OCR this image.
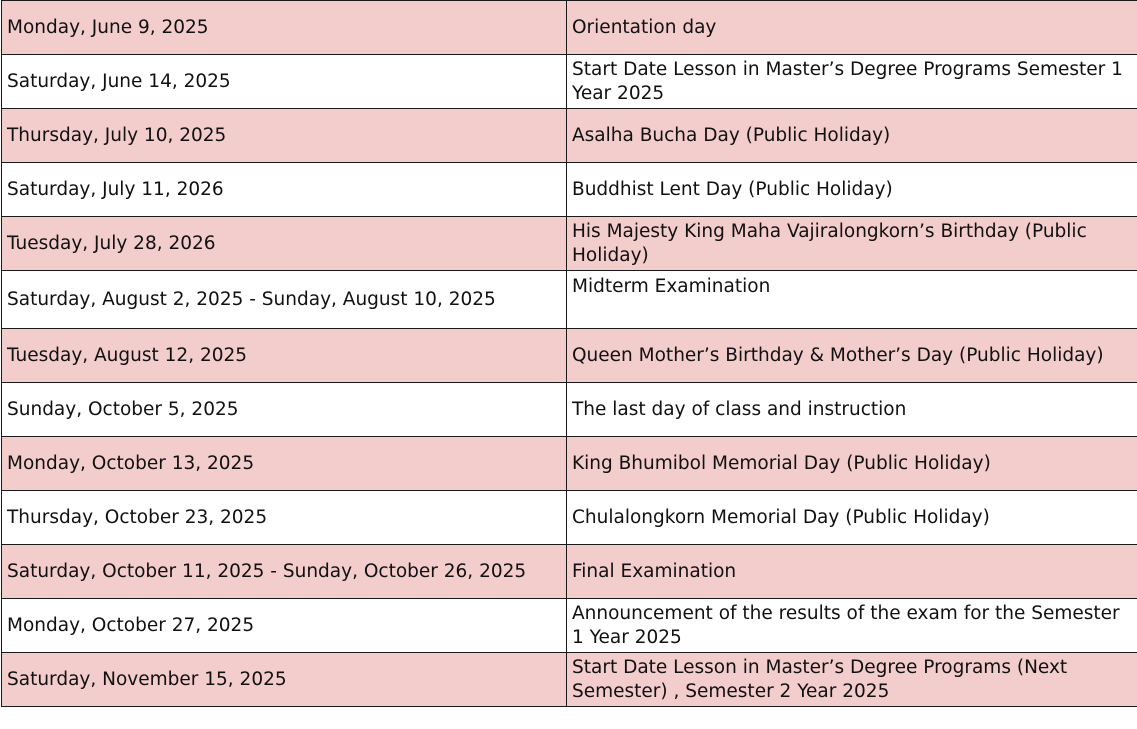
Monday, June 9, 2025	Orientation day
Saturday, June 14, 2025	Start Date Lesson in Master’s Degree Programs Semester 1 Year 2025
Thursday, July 10, 2025	Asalha Bucha Day (Public Holiday)
Saturday, July 11, 2026	Buddhist Lent Day (Public Holiday)
Tuesday, July 28, 2026	His Majesty King Maha Vajiralongkorn’s Birthday (Public Holiday)
Saturday, August 2, 2025 - Sunday, August 10, 2025	Midterm Examination
Tuesday, August 12, 2025	Queen Mother’s Birthday & Mother’s Day (Public Holiday)
Sunday, October 5, 2025	The last day of class and instruction
Monday, October 13, 2025	King Bhumibol Memorial Day (Public Holiday)
Thursday, October 23, 2025	Chulalongkorn Memorial Day (Public Holiday)
Saturday, October 11, 2025 - Sunday, October 26, 2025	Final Examination
Monday, October 27, 2025	Announcement of the results of the exam for the Semester 1 Year 2025
Saturday, November 15, 2025	Start Date Lesson in Master’s Degree Programs (Next Semester) , Semester 2 Year 2025
